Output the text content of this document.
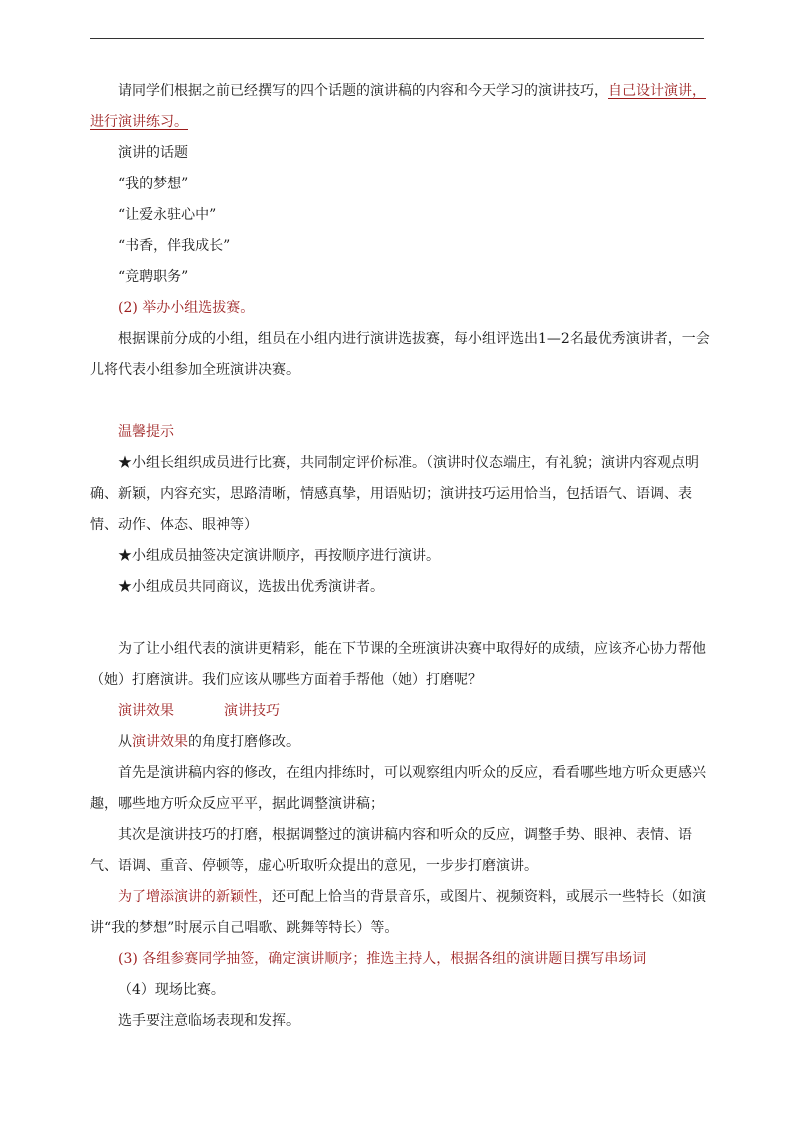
请同学们根据之前已经撰写的四个话题的演讲稿的内容和今天学习的演讲技巧，自己设计演讲，

进行演讲练习。

演讲的话题

“我的梦想”

“让爱永驻心中”

“书香，伴我成长”

“竞聘职务”

(2) 举办小组选拔赛。

根据课前分成的小组，组员在小组内进行演讲选拔赛，每小组评选出1—2名最优秀演讲者，一会儿将代表小组参加全班演讲决赛。

温馨提示

★小组长组织成员进行比赛，共同制定评价标准。（演讲时仪态端庄，有礼貌；演讲内容观点明确、新颖，内容充实，思路清晰，情感真挚，用语贴切；演讲技巧运用恰当，包括语气、语调、表情、动作、体态、眼神等）

★小组成员抽签决定演讲顺序，再按顺序进行演讲。

★小组成员共同商议，选拔出优秀演讲者。

为了让小组代表的演讲更精彩，能在下节课的全班演讲决赛中取得好的成绩，应该齐心协力帮他（她）打磨演讲。我们应该从哪些方面着手帮他（她）打磨呢？

演讲效果	演讲技巧

从演讲效果的角度打磨修改。

首先是演讲稿内容的修改，在组内排练时，可以观察组内听众的反应，看看哪些地方听众更感兴趣，哪些地方听众反应平平，据此调整演讲稿；

其次是演讲技巧的打磨，根据调整过的演讲稿内容和听众的反应，调整手势、眼神、表情、语气、语调、重音、停顿等，虚心听取听众提出的意见，一步步打磨演讲。

为了增添演讲的新颖性，还可配上恰当的背景音乐，或图片、视频资料，或展示一些特长（如演讲“我的梦想”时展示自己唱歌、跳舞等特长）等。

(3) 各组参赛同学抽签，确定演讲顺序；推选主持人，根据各组的演讲题目撰写串场词

（4）现场比赛。

选手要注意临场表现和发挥。
